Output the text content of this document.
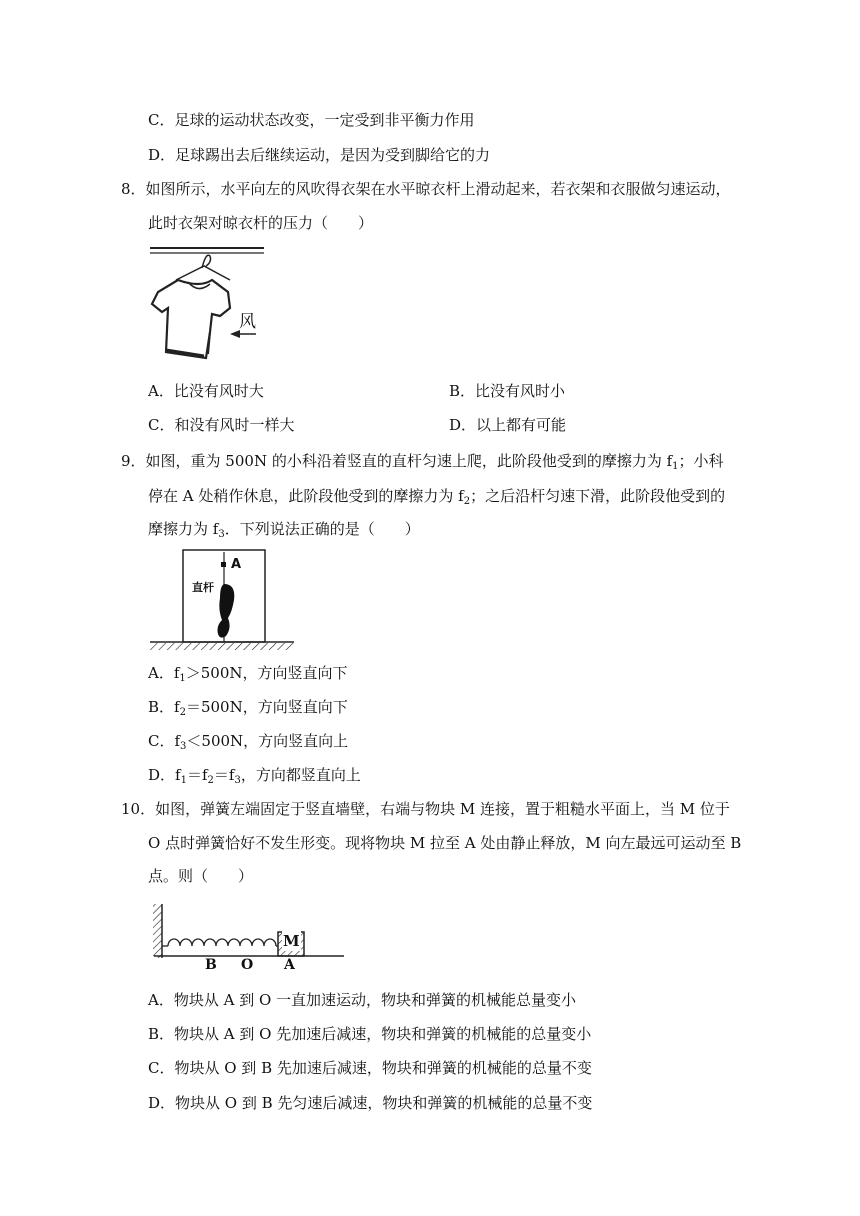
C．足球的运动状态改变，一定受到非平衡力作用
D．足球踢出去后继续运动，是因为受到脚给它的力
8．如图所示，水平向左的风吹得衣架在水平晾衣杆上滑动起来，若衣架和衣服做匀速运动，
此时衣架对晾衣杆的压力（　　）
风
A．比没有风时大	B．比没有风时小
C．和没有风时一样大	D．以上都有可能
9．如图，重为 500N 的小科沿着竖直的直杆匀速上爬，此阶段他受到的摩擦力为 $f_1$；小科
停在 A 处稍作休息，此阶段他受到的摩擦力为 $f_2$；之后沿杆匀速下滑，此阶段他受到的
摩擦力为 $f_3$．下列说法正确的是（　　）
A
直杆
A．$f_1>500N$，方向竖直向下
B．$f_2=500N$，方向竖直向下
C．$f_3<500N$，方向竖直向上
D．$f_1=f_2=f_3$，方向都竖直向上
10．如图，弹簧左端固定于竖直墙壁，右端与物块 M 连接，置于粗糙水平面上，当 M 位于
O 点时弹簧恰好不发生形变。现将物块 M 拉至 A 处由静止释放，M 向左最远可运动至 B
点。则（　　）
M
B O A
A．物块从 A 到 O 一直加速运动，物块和弹簧的机械能总量变小
B．物块从 A 到 O 先加速后减速，物块和弹簧的机械能的总量变小
C．物块从 O 到 B 先加速后减速，物块和弹簧的机械能的总量不变
D．物块从 O 到 B 先匀速后减速，物块和弹簧的机械能的总量不变
